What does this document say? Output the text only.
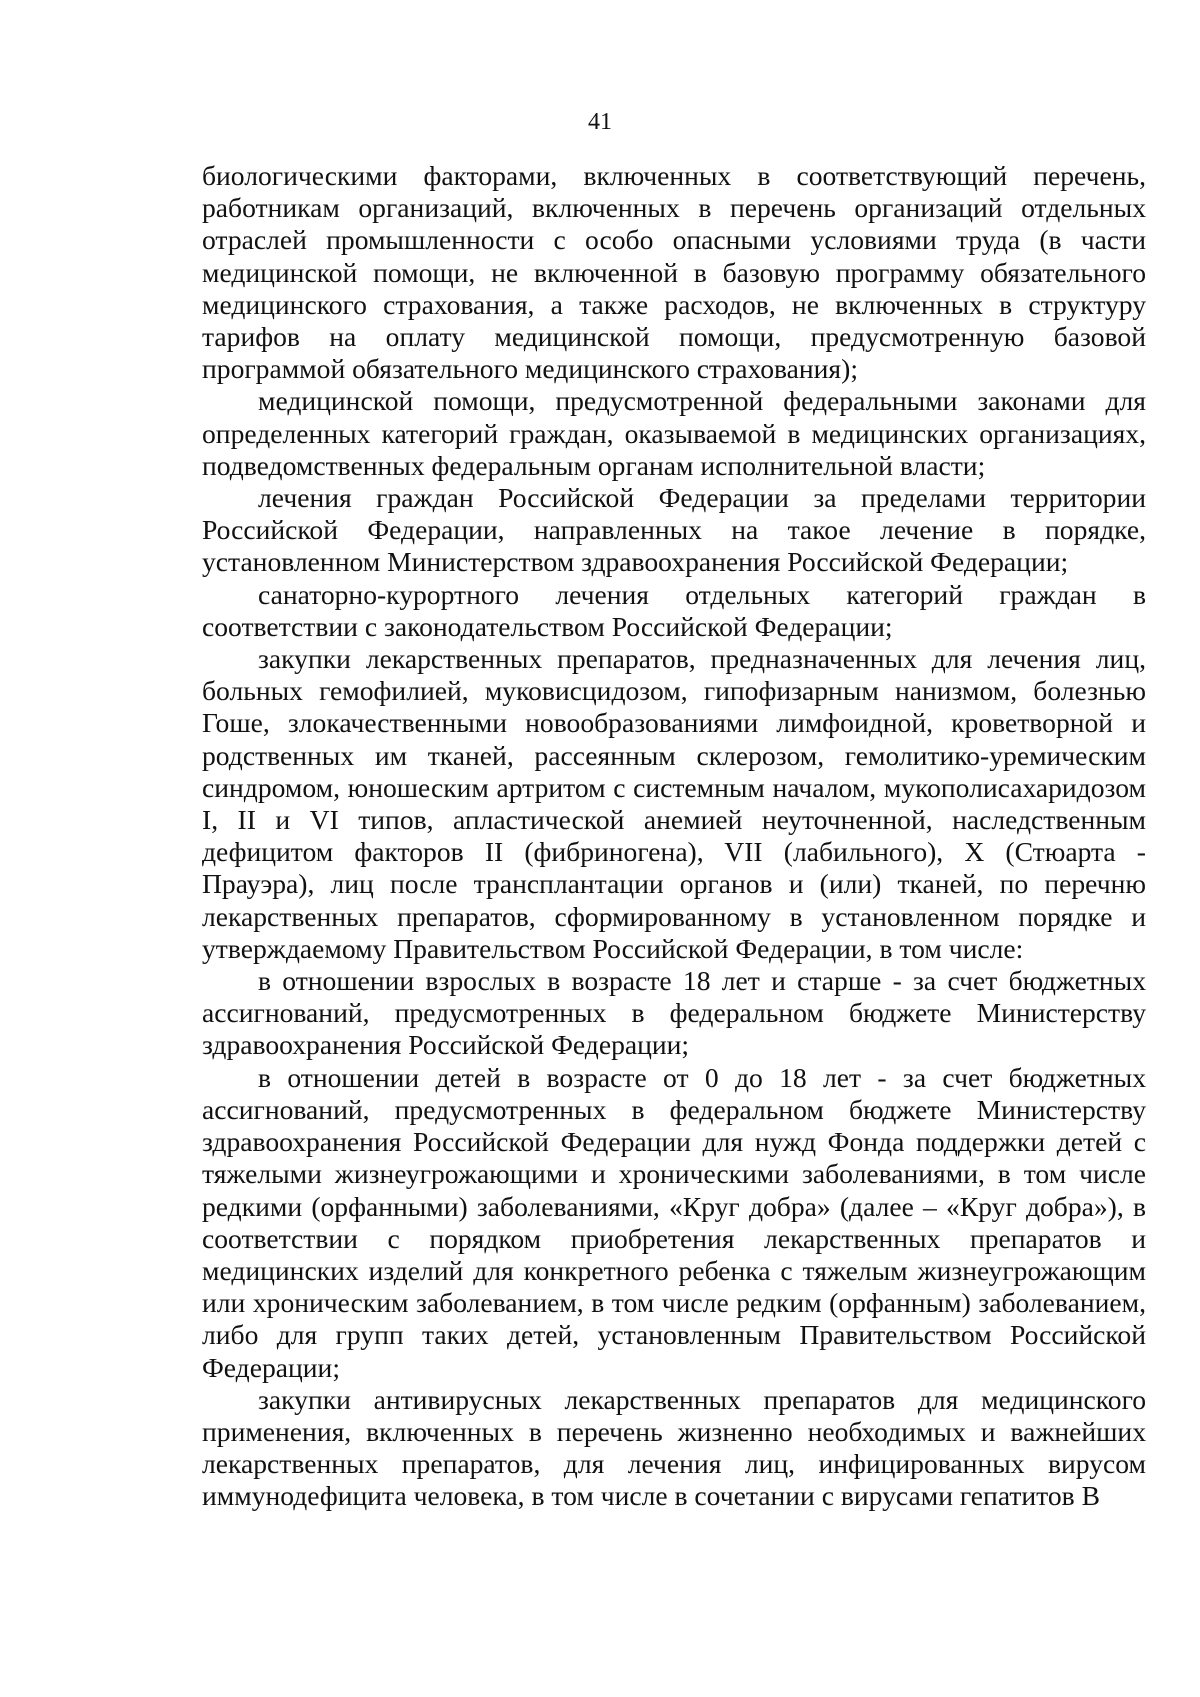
41

биологическими факторами, включенных в соответствующий перечень, работникам организаций, включенных в перечень организаций отдельных отраслей промышленности с особо опасными условиями труда (в части медицинской помощи, не включенной в базовую программу обязательного медицинского страхования, а также расходов, не включенных в структуру тарифов на оплату медицинской помощи, предусмотренную базовой программой обязательного медицинского страхования);

медицинской помощи, предусмотренной федеральными законами для определенных категорий граждан, оказываемой в медицинских организациях, подведомственных федеральным органам исполнительной власти;

лечения граждан Российской Федерации за пределами территории Российской Федерации, направленных на такое лечение в порядке, установленном Министерством здравоохранения Российской Федерации;

санаторно-курортного лечения отдельных категорий граждан в соответствии с законодательством Российской Федерации;

закупки лекарственных препаратов, предназначенных для лечения лиц, больных гемофилией, муковисцидозом, гипофизарным нанизмом, болезнью Гоше, злокачественными новообразованиями лимфоидной, кроветворной и родственных им тканей, рассеянным склерозом, гемолитико-уремическим синдромом, юношеским артритом с системным началом, мукополисахаридозом I, II и VI типов, апластической анемией неуточненной, наследственным дефицитом факторов II (фибриногена), VII (лабильного), X (Стюарта - Прауэра), лиц после трансплантации органов и (или) тканей, по перечню лекарственных препаратов, сформированному в установленном порядке и утверждаемому Правительством Российской Федерации, в том числе:

в отношении взрослых в возрасте 18 лет и старше - за счет бюджетных ассигнований, предусмотренных в федеральном бюджете Министерству здравоохранения Российской Федерации;

в отношении детей в возрасте от 0 до 18 лет - за счет бюджетных ассигнований, предусмотренных в федеральном бюджете Министерству здравоохранения Российской Федерации для нужд Фонда поддержки детей с тяжелыми жизнеугрожающими и хроническими заболеваниями, в том числе редкими (орфанными) заболеваниями, «Круг добра» (далее – «Круг добра»), в соответствии с порядком приобретения лекарственных препаратов и медицинских изделий для конкретного ребенка с тяжелым жизнеугрожающим или хроническим заболеванием, в том числе редким (орфанным) заболеванием, либо для групп таких детей, установленным Правительством Российской Федерации;

закупки антивирусных лекарственных препаратов для медицинского применения, включенных в перечень жизненно необходимых и важнейших лекарственных препаратов, для лечения лиц, инфицированных вирусом иммунодефицита человека, в том числе в сочетании с вирусами гепатитов В
